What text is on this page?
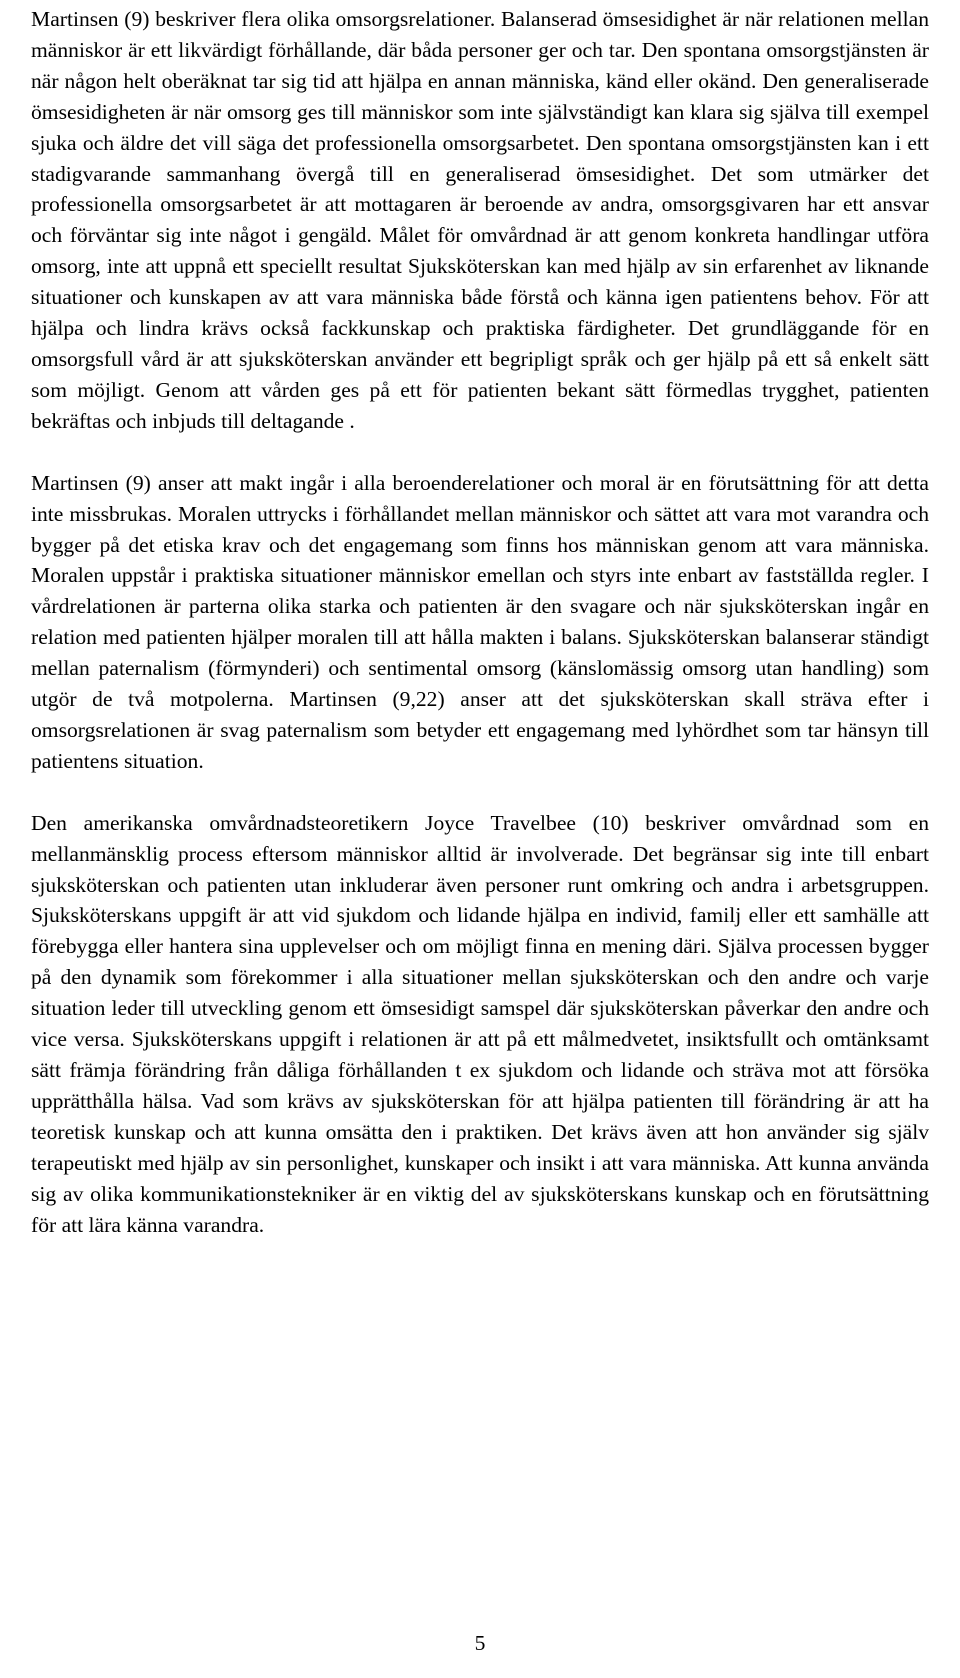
Martinsen (9) beskriver flera olika omsorgsrelationer. Balanserad ömsesidighet är när relationen mellan människor är ett likvärdigt förhållande, där båda personer ger och tar. Den spontana omsorgstjänsten är när någon helt oberäknat tar sig tid att hjälpa en annan människa, känd eller okänd. Den generaliserade ömsesidigheten är när omsorg ges till människor som inte självständigt kan klara sig själva till exempel sjuka och äldre det vill säga det professionella omsorgsarbetet. Den spontana omsorgstjänsten kan i ett stadigvarande sammanhang övergå till en generaliserad ömsesidighet. Det som utmärker det professionella omsorgsarbetet är att mottagaren är beroende av andra, omsorgsgivaren har ett ansvar och förväntar sig inte något i gengäld. Målet för omvårdnad är att genom konkreta handlingar utföra omsorg, inte att uppnå ett speciellt resultat Sjuksköterskan kan med hjälp av sin erfarenhet av liknande situationer och kunskapen av att vara människa både förstå och känna igen patientens behov. För att hjälpa och lindra krävs också fackkunskap och praktiska färdigheter. Det grundläggande för en omsorgsfull vård är att sjuksköterskan använder ett begripligt språk och ger hjälp på ett så enkelt sätt som möjligt. Genom att vården ges på ett för patienten bekant sätt förmedlas trygghet, patienten bekräftas och inbjuds till deltagande .

Martinsen (9) anser att makt ingår i alla beroenderelationer och moral är en förutsättning för att detta inte missbrukas. Moralen uttrycks i förhållandet mellan människor och sättet att vara mot varandra och bygger på det etiska krav och det engagemang som finns hos människan genom att vara människa. Moralen uppstår i praktiska situationer människor emellan och styrs inte enbart av fastställda regler. I vårdrelationen är parterna olika starka och patienten är den svagare och när sjuksköterskan ingår en relation med patienten hjälper moralen till att hålla makten i balans. Sjuksköterskan balanserar ständigt mellan paternalism (förmynderi) och sentimental omsorg (känslomässig omsorg utan handling) som utgör de två motpolerna. Martinsen (9,22) anser att det sjuksköterskan skall sträva efter i omsorgsrelationen är svag paternalism som betyder ett engagemang med lyhördhet som tar hänsyn till patientens situation.

Den amerikanska omvårdnadsteoretikern Joyce Travelbee (10) beskriver omvårdnad som en mellanmänsklig process eftersom människor alltid är involverade. Det begränsar sig inte till enbart sjuksköterskan och patienten utan inkluderar även personer runt omkring och andra i arbetsgruppen. Sjuksköterskans uppgift är att vid sjukdom och lidande hjälpa en individ, familj eller ett samhälle att förebygga eller hantera sina upplevelser och om möjligt finna en mening däri. Själva processen bygger på den dynamik som förekommer i alla situationer mellan sjuksköterskan och den andre och varje situation leder till utveckling genom ett ömsesidigt samspel där sjuksköterskan påverkar den andre och vice versa. Sjuksköterskans uppgift i relationen är att på ett målmedvetet, insiktsfullt och omtänksamt sätt främja förändring från dåliga förhållanden t ex sjukdom och lidande och sträva mot att försöka upprätthålla hälsa. Vad som krävs av sjuksköterskan för att hjälpa patienten till förändring är att ha teoretisk kunskap och att kunna omsätta den i praktiken. Det krävs även att hon använder sig själv terapeutiskt med hjälp av sin personlighet, kunskaper och insikt i att vara människa. Att kunna använda sig av olika kommunikationstekniker är en viktig del av sjuksköterskans kunskap och en förutsättning för att lära känna varandra.

5
